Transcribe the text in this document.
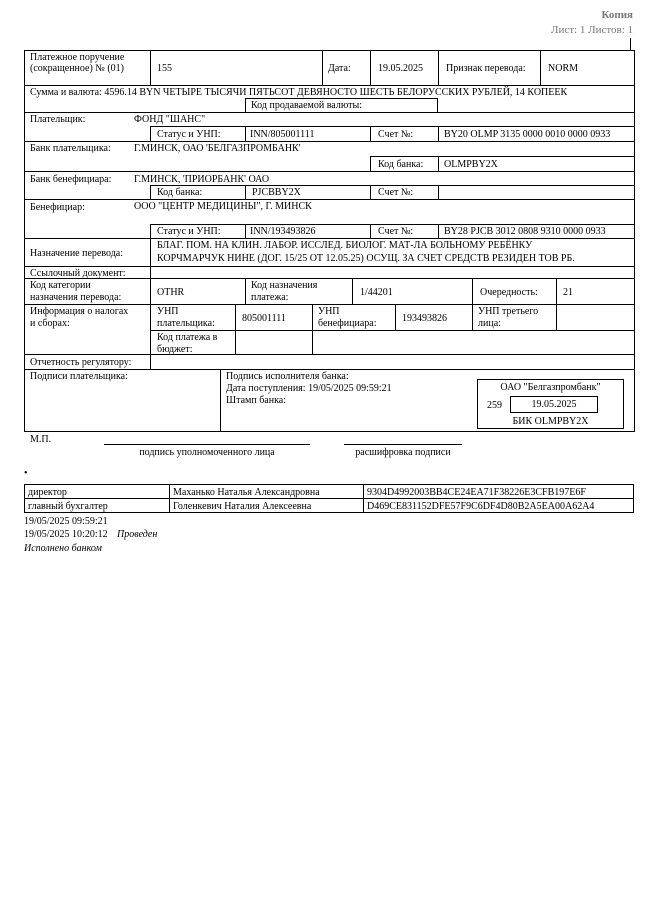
Копия
Лист: 1 Листов: 1
Платежное поручение (сокращенное) № (01)	155	Дата:	19.05.2025 Признак перевода: NORM
Сумма и валюта: 4596.14 BYN ЧЕТЫРЕ ТЫСЯЧИ ПЯТЬСОТ ДЕВЯНОСТО ШЕСТЬ БЕЛОРУССКИХ РУБЛЕЙ, 14 КОПЕЕК
Код продаваемой валюты:
Плательщик:	ФОНД "ШАНС"
Статус и УНП:	INN/805001111	Счет №:	BY20 OLMP 3135 0000 0010 0000 0933
Банк плательщика: Г.МИНСК, ОАО 'БЕЛГАЗПРОМБАНК'
Код банка: OLMPBY2X
Банк бенефициара: Г.МИНСК, 'ПРИОРБАНК' ОАО
Код банка:	PJCBBY2X	Счет №:
Бенефициар:	ООО "ЦЕНТР МЕДИЦИНЫ", Г. МИНСК
Статус и УНП:	INN/193493826	Счет №:	BY28 PJCB 3012 0808 9310 0000 0933
Назначение перевода:
БЛАГ. ПОМ. НА КЛИН. ЛАБОР. ИССЛЕД. БИОЛОГ. МАТ-ЛА БОЛЬНОМУ РЕБЁНКУ
КОРЧМАРЧУК НИНЕ (ДОГ. 15/25 ОТ 12.05.25) ОСУЩ. ЗА СЧЕТ СРЕДСТВ РЕЗИДЕН ТОВ РБ.
Ссылочный документ:
Код категории
назначения перевода:	OTHR
Код назначения
платежа:	1/44201	Очередность:	21
Информация о налогах
и сборах:
УНП
плательщика:	805001111
УНП
бенефициара:	193493826
УНП третьего
лица:
Код платежа в
бюджет:
Отчетность регулятору:
Подписи плательщика:	Подпись исполнителя банка:
Дата поступления: 19/05/2025 09:59:21
Штамп банка:
ОАО "Белгазпромбанк"
259	19.05.2025
БИК OLMPBY2X
М.П.
подпись уполномоченного лица	расшифровка подписи
•
директор	Маханько Наталья Александровна	9304D4992003BB4CE24EA71F38226E3CFB197E6F
главный бухгалтер	Голенкевич Наталия Алексеевна	D469CE831152DFE57F9C6DF4D80B2A5EA00A62A4
19/05/2025 09:59:21
19/05/2025 10:20:12 Проведен
Исполнено банком
